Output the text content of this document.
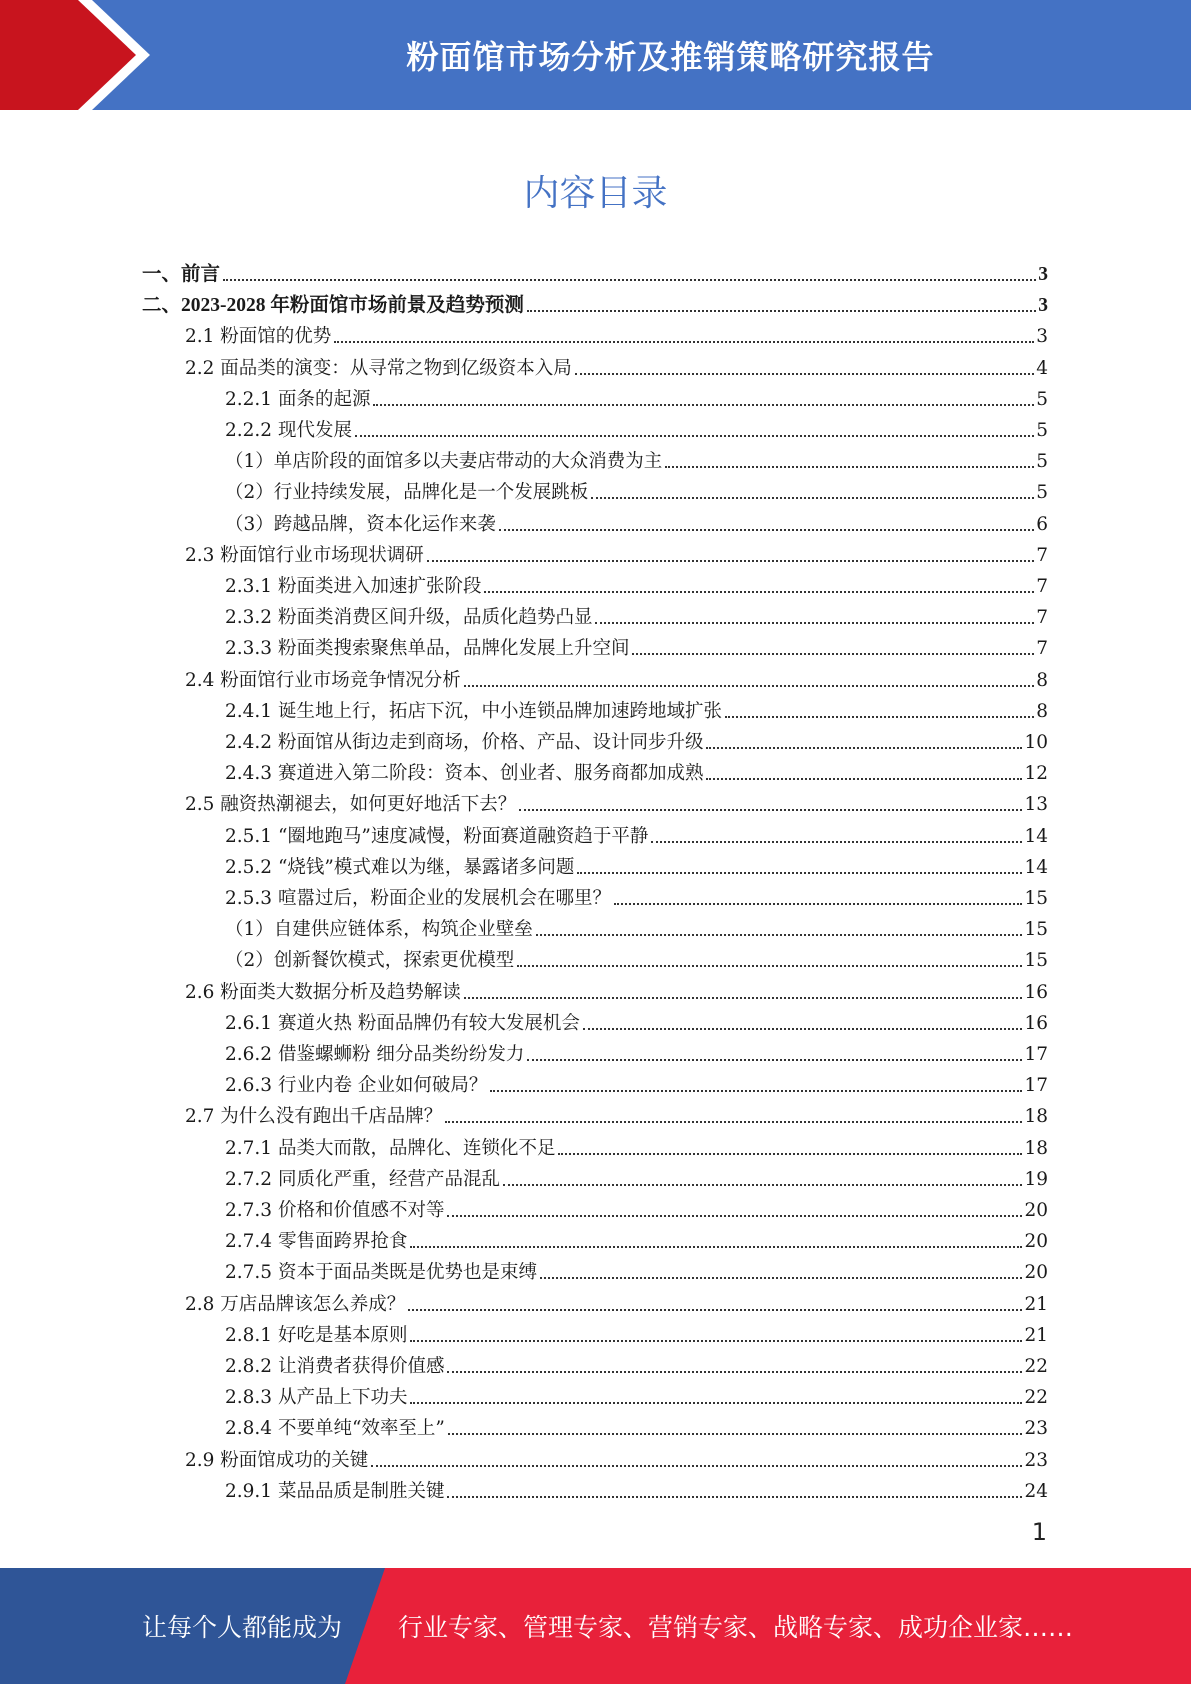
粉面馆市场分析及推销策略研究报告
内容目录
一、前言	3
二、2023-2028 年粉面馆市场前景及趋势预测	3
2.1 粉面馆的优势	3
2.2 面品类的演变：从寻常之物到亿级资本入局	4
2.2.1 面条的起源	5
2.2.2 现代发展	5
（1）单店阶段的面馆多以夫妻店带动的大众消费为主	5
（2）行业持续发展，品牌化是一个发展跳板	5
（3）跨越品牌，资本化运作来袭	6
2.3 粉面馆行业市场现状调研	7
2.3.1 粉面类进入加速扩张阶段	7
2.3.2 粉面类消费区间升级，品质化趋势凸显	7
2.3.3 粉面类搜索聚焦单品，品牌化发展上升空间	7
2.4 粉面馆行业市场竞争情况分析	8
2.4.1 诞生地上行，拓店下沉，中小连锁品牌加速跨地域扩张	8
2.4.2 粉面馆从街边走到商场，价格、产品、设计同步升级	10
2.4.3 赛道进入第二阶段：资本、创业者、服务商都加成熟	12
2.5 融资热潮褪去，如何更好地活下去？	13
2.5.1 “圈地跑马”速度减慢，粉面赛道融资趋于平静	14
2.5.2 “烧钱”模式难以为继，暴露诸多问题	14
2.5.3 喧嚣过后，粉面企业的发展机会在哪里？	15
（1）自建供应链体系，构筑企业壁垒	15
（2）创新餐饮模式，探索更优模型	15
2.6 粉面类大数据分析及趋势解读	16
2.6.1 赛道火热 粉面品牌仍有较大发展机会	16
2.6.2 借鉴螺蛳粉 细分品类纷纷发力	17
2.6.3 行业内卷 企业如何破局？	17
2.7 为什么没有跑出千店品牌？	18
2.7.1 品类大而散，品牌化、连锁化不足	18
2.7.2 同质化严重，经营产品混乱	19
2.7.3 价格和价值感不对等	20
2.7.4 零售面跨界抢食	20
2.7.5 资本于面品类既是优势也是束缚	20
2.8 万店品牌该怎么养成？	21
2.8.1 好吃是基本原则	21
2.8.2 让消费者获得价值感	22
2.8.3 从产品上下功夫	22
2.8.4 不要单纯“效率至上”	23
2.9 粉面馆成功的关键	23
2.9.1 菜品品质是制胜关键	24
1
让每个人都能成为 行业专家、管理专家、营销专家、战略专家、成功企业家……
